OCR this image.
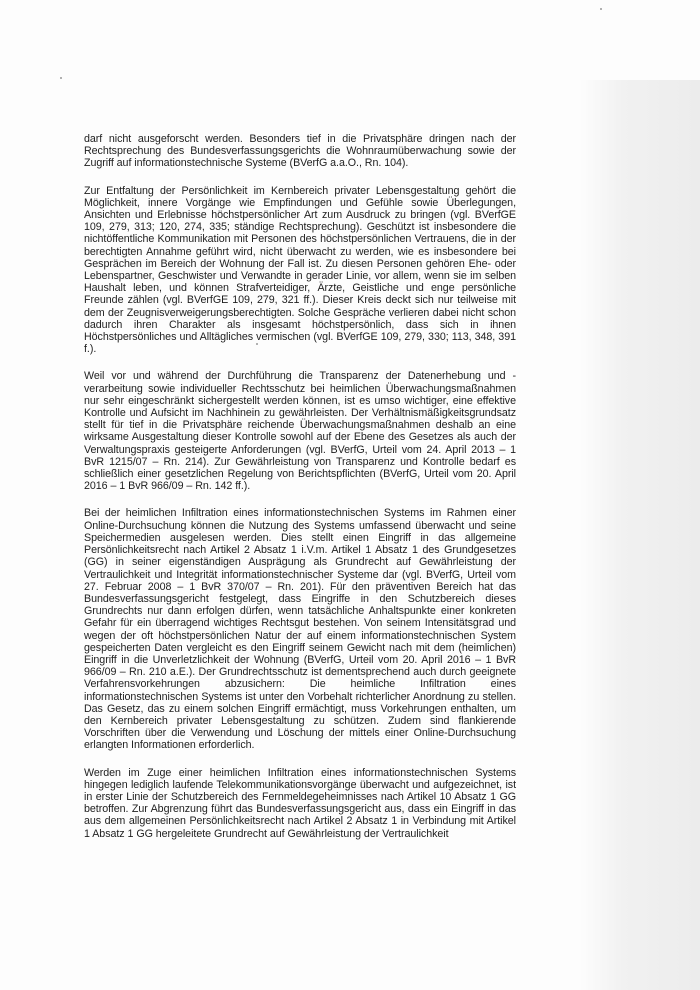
darf nicht ausgeforscht werden. Besonders tief in die Privatsphäre dringen nach der Rechtsprechung des Bundesverfassungsgerichts die Wohnraumüberwachung sowie der Zugriff auf informationstechnische Systeme (BVerfG a.a.O., Rn. 104).

Zur Entfaltung der Persönlichkeit im Kernbereich privater Lebensgestaltung gehört die Möglichkeit, innere Vorgänge wie Empfindungen und Gefühle sowie Überlegungen, Ansichten und Erlebnisse höchstpersönlicher Art zum Ausdruck zu bringen (vgl. BVerfGE 109, 279, 313; 120, 274, 335; ständige Rechtsprechung). Geschützt ist insbesondere die nichtöffentliche Kommunikation mit Personen des höchstpersönlichen Vertrauens, die in der berechtigten Annahme geführt wird, nicht überwacht zu werden, wie es insbesondere bei Gesprächen im Bereich der Wohnung der Fall ist. Zu diesen Personen gehören Ehe- oder Lebenspartner, Geschwister und Verwandte in gerader Linie, vor allem, wenn sie im selben Haushalt leben, und können Strafverteidiger, Ärzte, Geistliche und enge persönliche Freunde zählen (vgl. BVerfGE 109, 279, 321 ff.). Dieser Kreis deckt sich nur teilweise mit dem der Zeugnisverweigerungsberechtigten. Solche Gespräche verlieren dabei nicht schon dadurch ihren Charakter als insgesamt höchstpersönlich, dass sich in ihnen Höchstpersönliches und Alltägliches vermischen (vgl. BVerfGE 109, 279, 330; 113, 348, 391 f.).

Weil vor und während der Durchführung die Transparenz der Datenerhebung und -verarbeitung sowie individueller Rechtsschutz bei heimlichen Überwachungsmaßnahmen nur sehr eingeschränkt sichergestellt werden können, ist es umso wichtiger, eine effektive Kontrolle und Aufsicht im Nachhinein zu gewährleisten. Der Verhältnismäßigkeitsgrundsatz stellt für tief in die Privatsphäre reichende Überwachungsmaßnahmen deshalb an eine wirksame Ausgestaltung dieser Kontrolle sowohl auf der Ebene des Gesetzes als auch der Verwaltungspraxis gesteigerte Anforderungen (vgl. BVerfG, Urteil vom 24. April 2013 – 1 BvR 1215/07 – Rn. 214). Zur Gewährleistung von Transparenz und Kontrolle bedarf es schließlich einer gesetzlichen Regelung von Berichtspflichten (BVerfG, Urteil vom 20. April 2016 – 1 BvR 966/09 – Rn. 142 ff.).

Bei der heimlichen Infiltration eines informationstechnischen Systems im Rahmen einer Online-Durchsuchung können die Nutzung des Systems umfassend überwacht und seine Speichermedien ausgelesen werden. Dies stellt einen Eingriff in das allgemeine Persönlichkeitsrecht nach Artikel 2 Absatz 1 i.V.m. Artikel 1 Absatz 1 des Grundgesetzes (GG) in seiner eigenständigen Ausprägung als Grundrecht auf Gewährleistung der Vertraulichkeit und Integrität informationstechnischer Systeme dar (vgl. BVerfG, Urteil vom 27. Februar 2008 – 1 BvR 370/07 – Rn. 201). Für den präventiven Bereich hat das Bundesverfassungsgericht festgelegt, dass Eingriffe in den Schutzbereich dieses Grundrechts nur dann erfolgen dürfen, wenn tatsächliche Anhaltspunkte einer konkreten Gefahr für ein überragend wichtiges Rechtsgut bestehen. Von seinem Intensitätsgrad und wegen der oft höchstpersönlichen Natur der auf einem informationstechnischen System gespeicherten Daten vergleicht es den Eingriff seinem Gewicht nach mit dem (heimlichen) Eingriff in die Unverletzlichkeit der Wohnung (BVerfG, Urteil vom 20. April 2016 – 1 BvR 966/09 – Rn. 210 a.E.). Der Grundrechtsschutz ist dementsprechend auch durch geeignete Verfahrensvorkehrungen abzusichern: Die heimliche Infiltration eines informationstechnischen Systems ist unter den Vorbehalt richterlicher Anordnung zu stellen. Das Gesetz, das zu einem solchen Eingriff ermächtigt, muss Vorkehrungen enthalten, um den Kernbereich privater Lebensgestaltung zu schützen. Zudem sind flankierende Vorschriften über die Verwendung und Löschung der mittels einer Online-Durchsuchung erlangten Informationen erforderlich.

Werden im Zuge einer heimlichen Infiltration eines informationstechnischen Systems hingegen lediglich laufende Telekommunikationsvorgänge überwacht und aufgezeichnet, ist in erster Linie der Schutzbereich des Fernmeldegeheimnisses nach Artikel 10 Absatz 1 GG betroffen. Zur Abgrenzung führt das Bundesverfassungsgericht aus, dass ein Eingriff in das aus dem allgemeinen Persönlichkeitsrecht nach Artikel 2 Absatz 1 in Verbindung mit Artikel 1 Absatz 1 GG hergeleitete Grundrecht auf Gewährleistung der Vertraulichkeit
